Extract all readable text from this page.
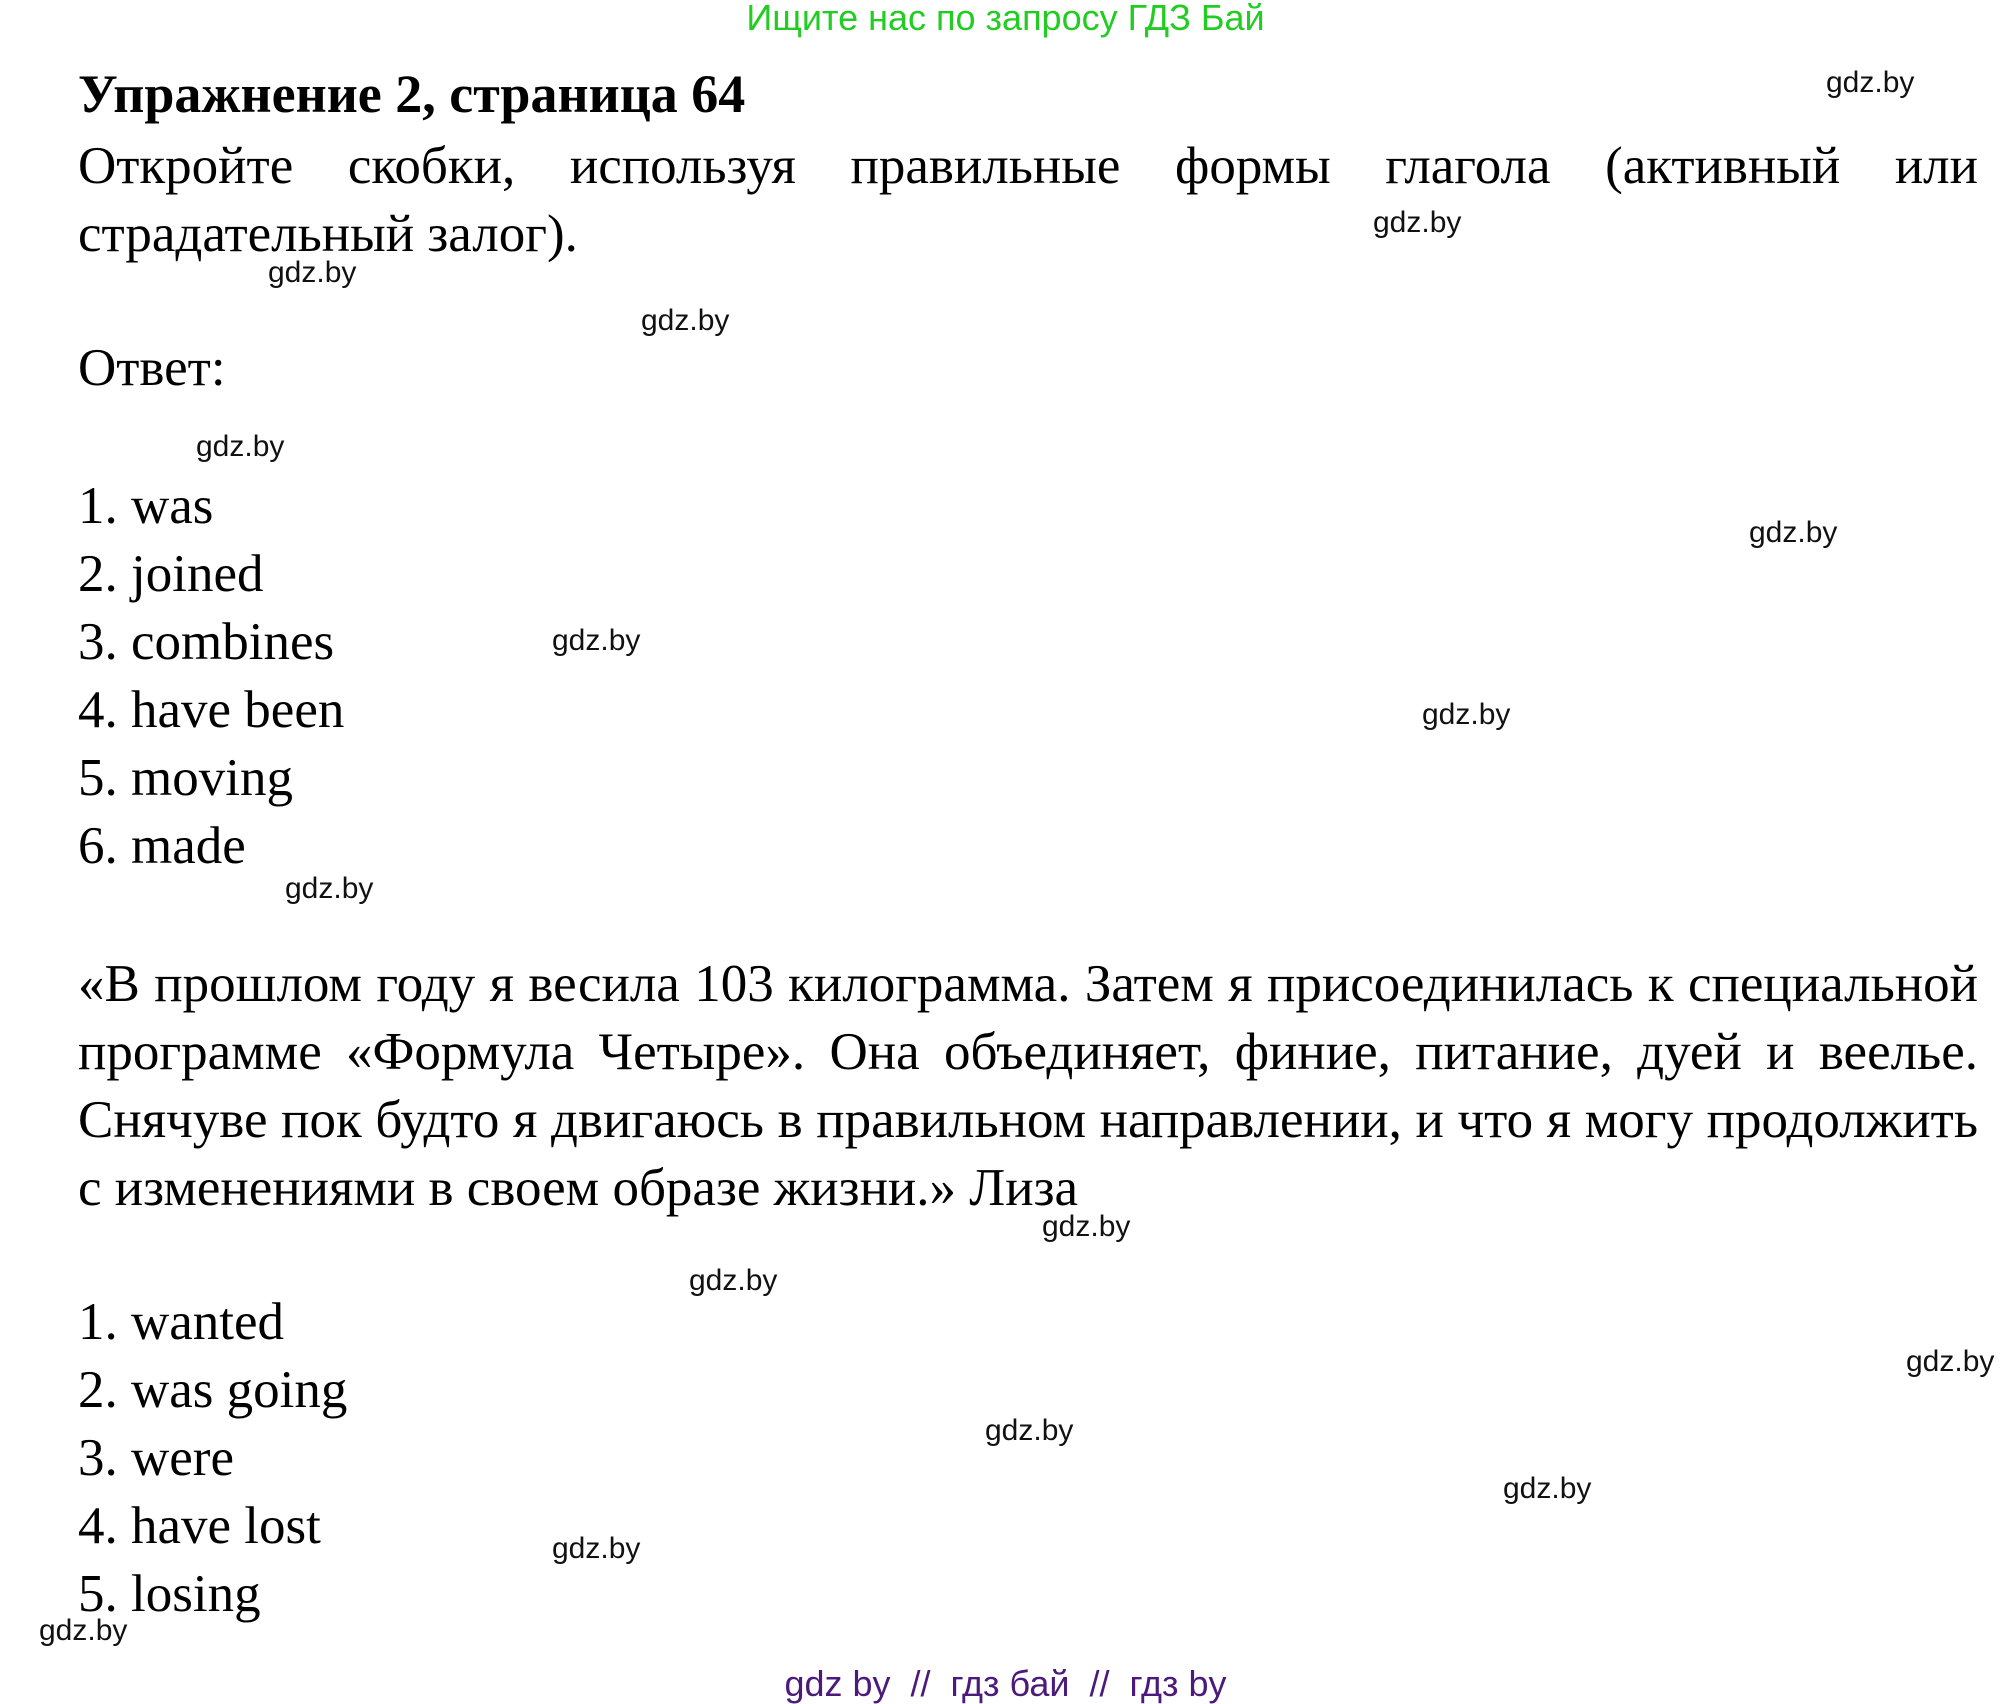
Ищите нас по запросу ГДЗ Бай
Упражнение 2, страница 64
Откройте скобки, используя правильные формы глагола (активный или страдательный залог).
Ответ:
1. was
2. joined
3. combines
4. have been
5. moving
6. made
«В прошлом году я весила 103 килограмма. Затем я присоединилась к специальной программе «Формула Четыре». Она объединяет, финие, питание, дуей и веелье. Снячуве пок будто я двигаюсь в правильном направлении, и что я могу продолжить с изменениями в своем образе жизни.» Лиза
1. wanted
2. was going
3. were
4. have lost
5. losing
gdz.by
gdz.by
gdz.by
gdz.by
gdz.by
gdz.by
gdz.by
gdz.by
gdz.by
gdz.by
gdz.by
gdz.by
gdz.by
gdz.by
gdz.by
gdz.by
gdz by  //  гдз бай  //  гдз by
